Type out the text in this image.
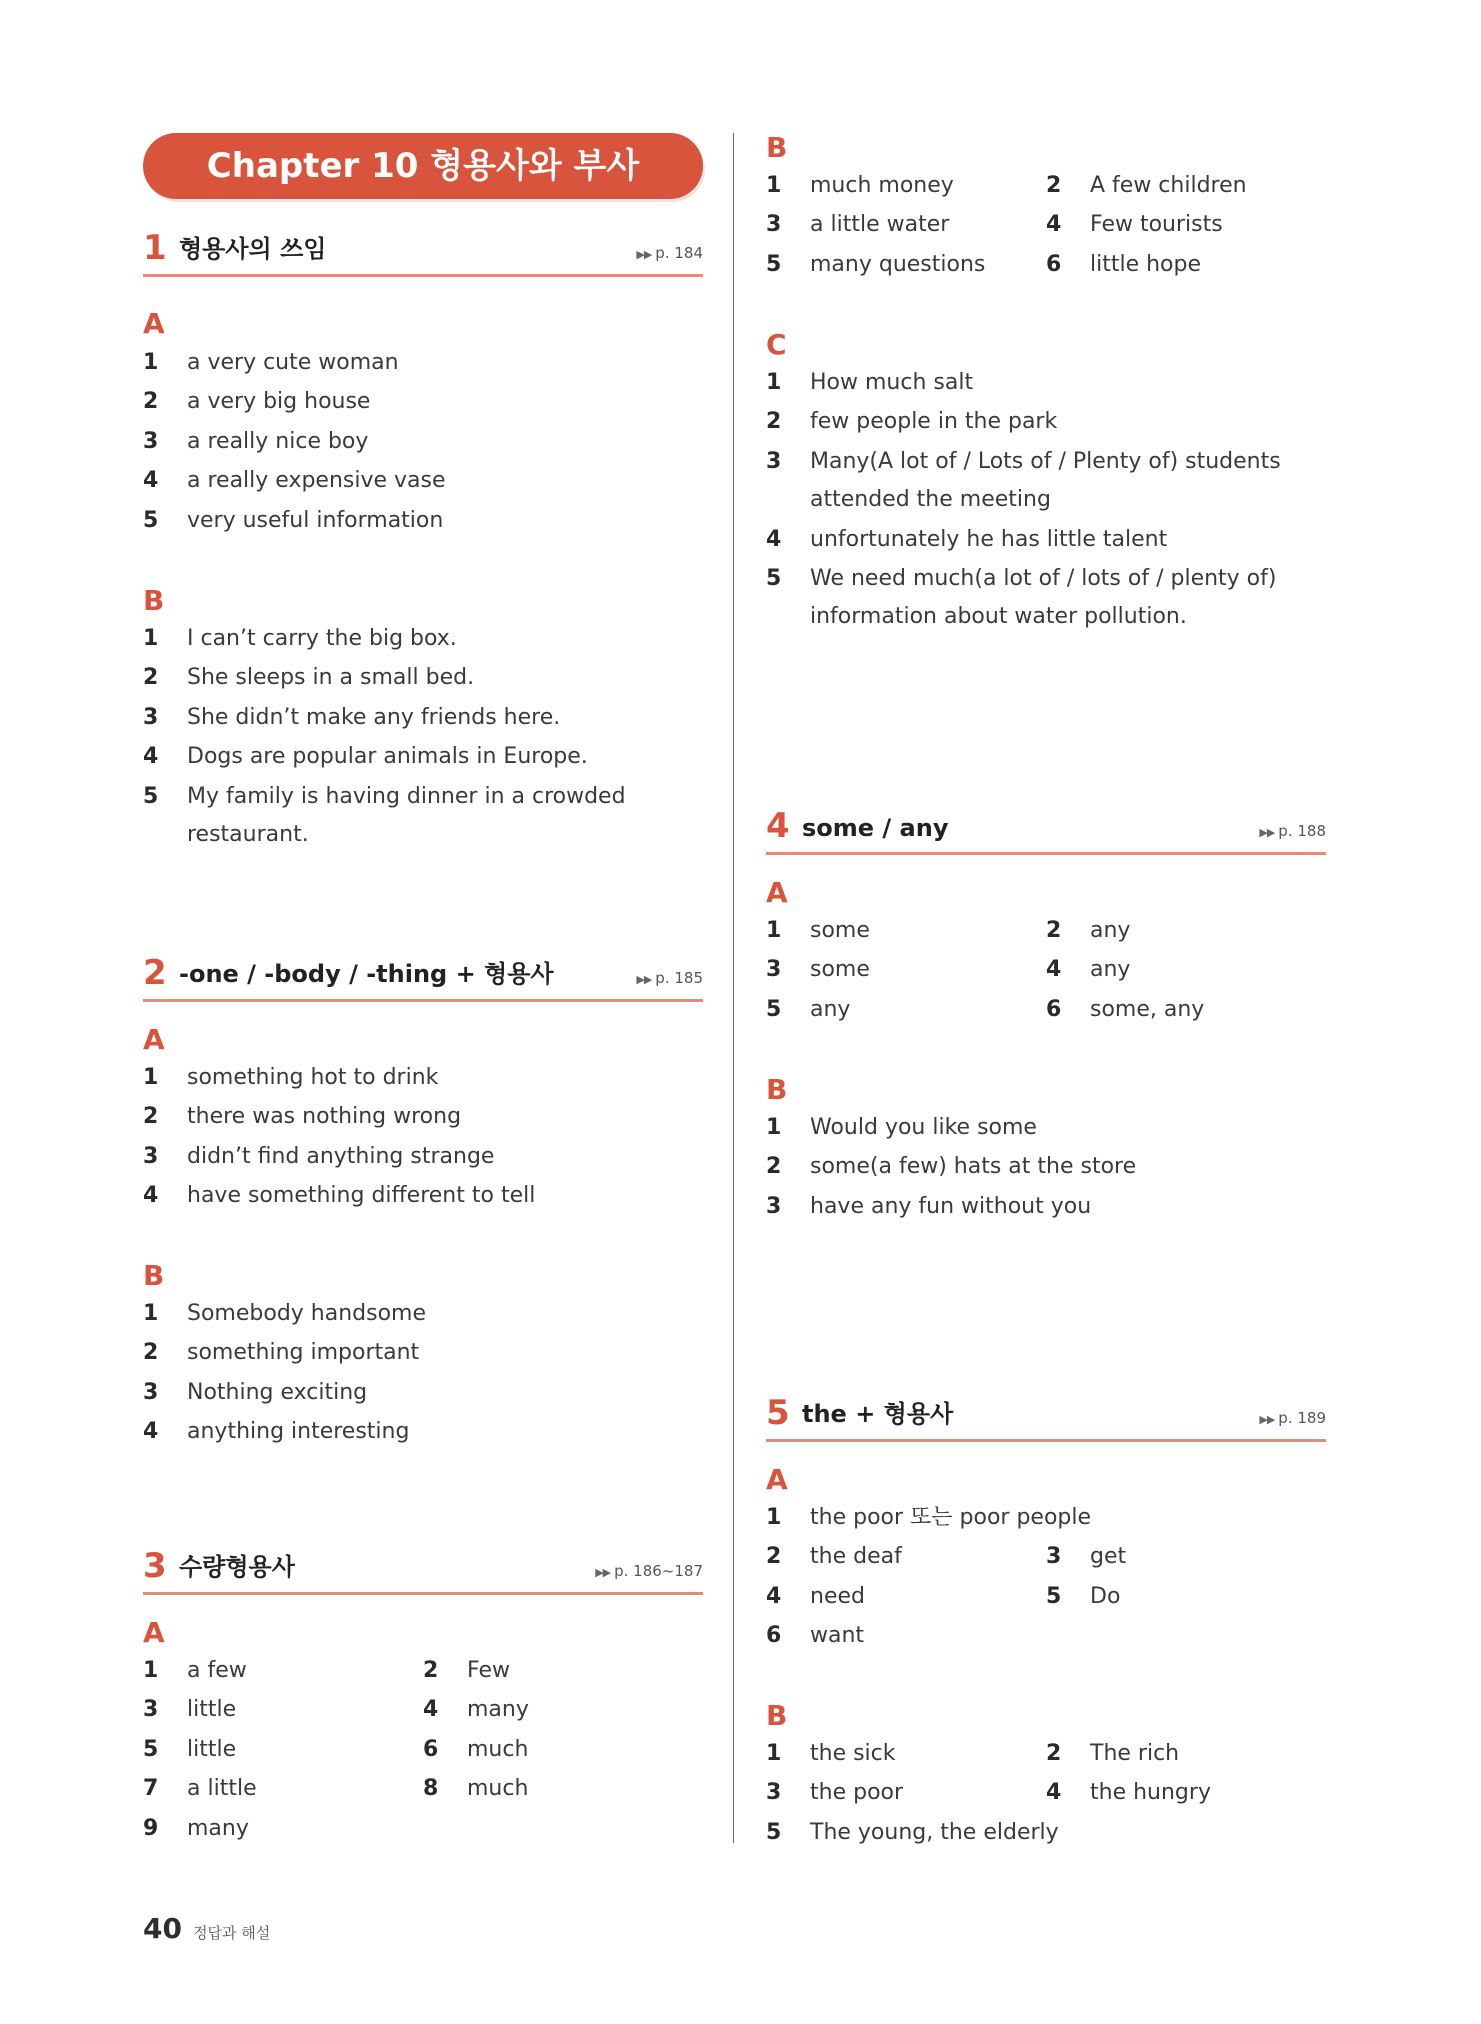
Chapter 10 형용사와 부사
1 형용사의 쓰임	▶▶ p. 184
A
1 a very cute woman
2 a very big house
3 a really nice boy
4 a really expensive vase
5 very useful information
B
1 I can’t carry the big box.
2 She sleeps in a small bed.
3 She didn’t make any friends here.
4 Dogs are popular animals in Europe.
5 My family is having dinner in a crowded
restaurant.
2 -one / -body / -thing + 형용사	▶▶ p. 185
A
1 something hot to drink
2 there was nothing wrong
3 didn’t find anything strange
4 have something different to tell
B
1 Somebody handsome
2 something important
3 Nothing exciting
4 anything interesting
3 수량형용사	▶▶ p. 186~187
A
1 a few	2 Few
3 little	4 many
5 little	6 much
7 a little	8 much
9 many
B
1 much money	2 A few children
3 a little water	4 Few tourists
5 many questions	6 little hope
C
1 How much salt
2 few people in the park
3 Many(A lot of / Lots of / Plenty of) students
attended the meeting
4 unfortunately he has little talent
5 We need much(a lot of / lots of / plenty of)
information about water pollution.
4 some / any	▶▶ p. 188
A
1 some	2 any
3 some	4 any
5 any	6 some, any
B
1 Would you like some
2 some(a few) hats at the store
3 have any fun without you
5 the + 형용사	▶▶ p. 189
A
1 the poor 또는 poor people
2 the deaf	3 get
4 need	5 Do
6 want
B
1 the sick	2 The rich
3 the poor	4 the hungry
5 The young, the elderly
40 정답과 해설
